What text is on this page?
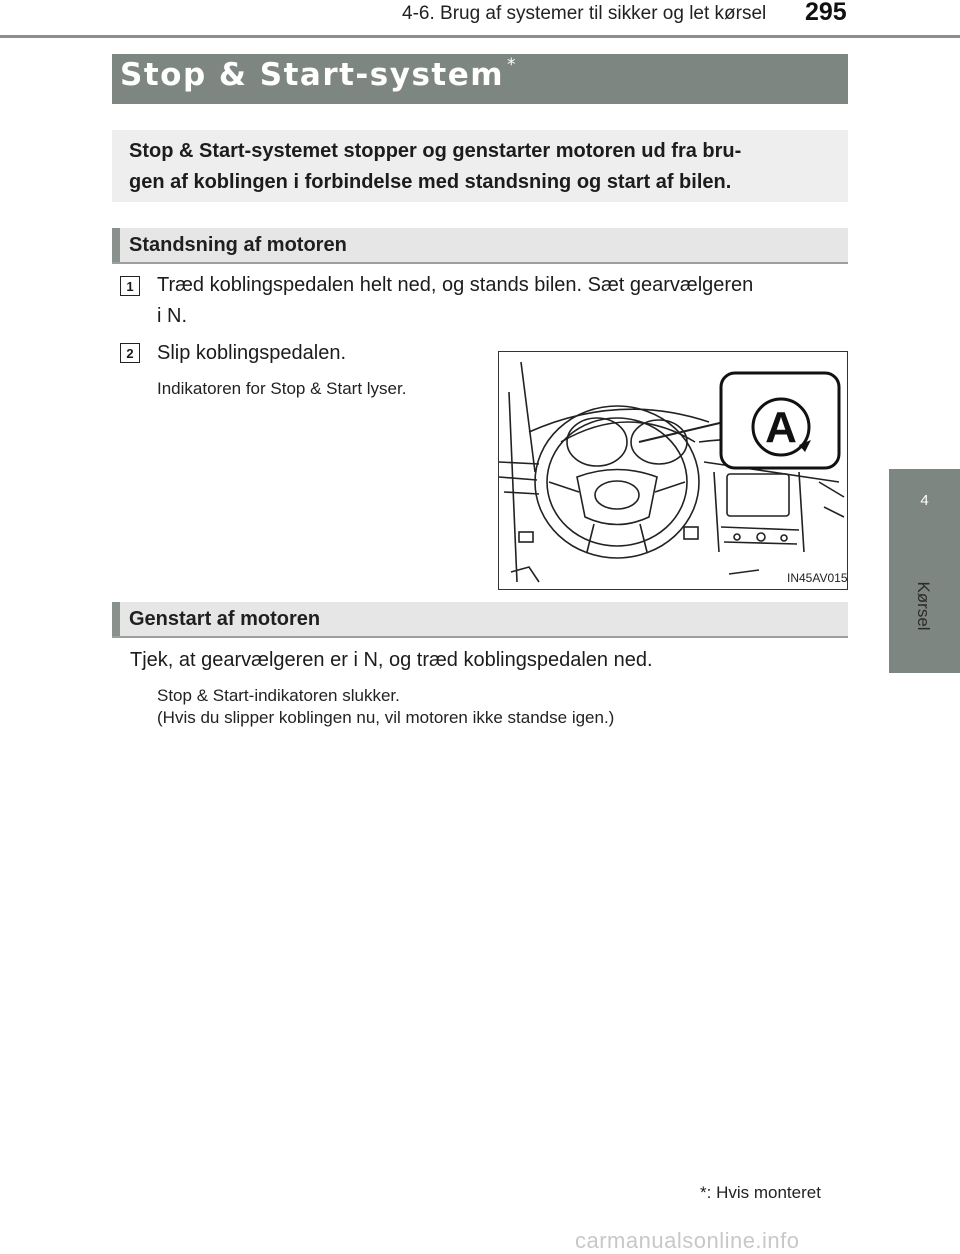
4-6. Brug af systemer til sikker og let kørsel 295
4
Kørsel
Stop & Start-system *
Stop & Start-systemet stopper og genstarter motoren ud fra bru-
gen af koblingen i forbindelse med standsning og start af bilen.
Standsning af motoren
1	Træd koblingspedalen helt ned, og stands bilen. Sæt gearvælgeren
i N.
2	Slip koblingspedalen.
Indikatoren for Stop & Start lyser.
A
IN45AV015
Genstart af motoren
Tjek, at gearvælgeren er i N, og træd koblingspedalen ned.
Stop & Start-indikatoren slukker.
(Hvis du slipper koblingen nu, vil motoren ikke standse igen.)
*: Hvis monteret
carmanualsonline.info
